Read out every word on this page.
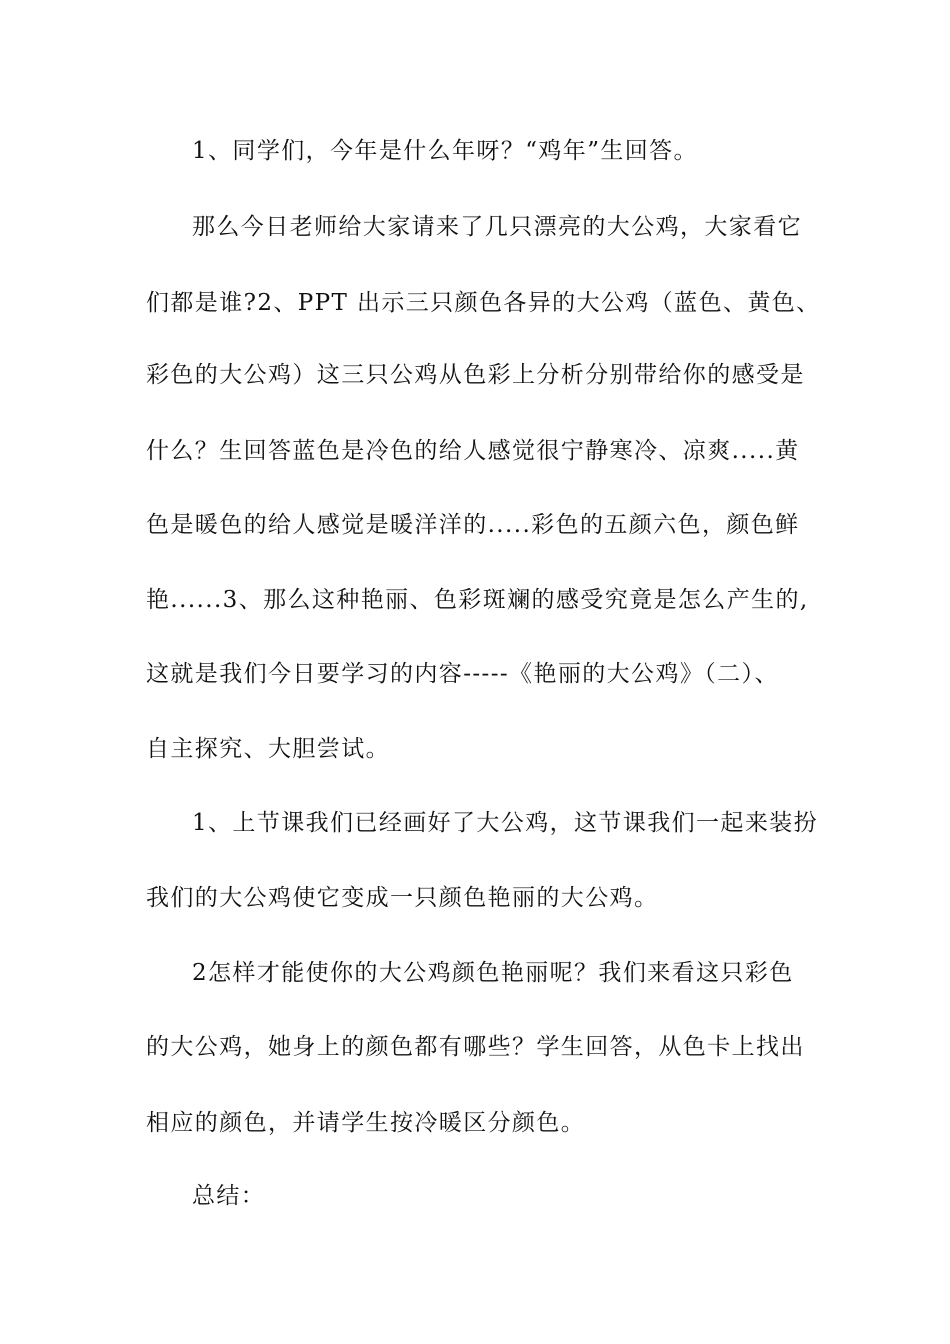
1、同学们，今年是什么年呀？“鸡年”生回答。
那么今日老师给大家请来了几只漂亮的大公鸡，大家看它
们都是谁?2、PPT 出示三只颜色各异的大公鸡（蓝色、黄色、
彩色的大公鸡）这三只公鸡从色彩上分析分别带给你的感受是
什么？生回答蓝色是冷色的给人感觉很宁静寒冷、凉爽.....黄
色是暖色的给人感觉是暖洋洋的.....彩色的五颜六色，颜色鲜
艳......3、那么这种艳丽、色彩斑斓的感受究竟是怎么产生的,
这就是我们今日要学习的内容-----《艳丽的大公鸡》（二）、
自主探究、大胆尝试。
1、上节课我们已经画好了大公鸡，这节课我们一起来装扮
我们的大公鸡使它变成一只颜色艳丽的大公鸡。
2怎样才能使你的大公鸡颜色艳丽呢？我们来看这只彩色
的大公鸡，她身上的颜色都有哪些？学生回答，从色卡上找出
相应的颜色，并请学生按冷暖区分颜色。
总结：
